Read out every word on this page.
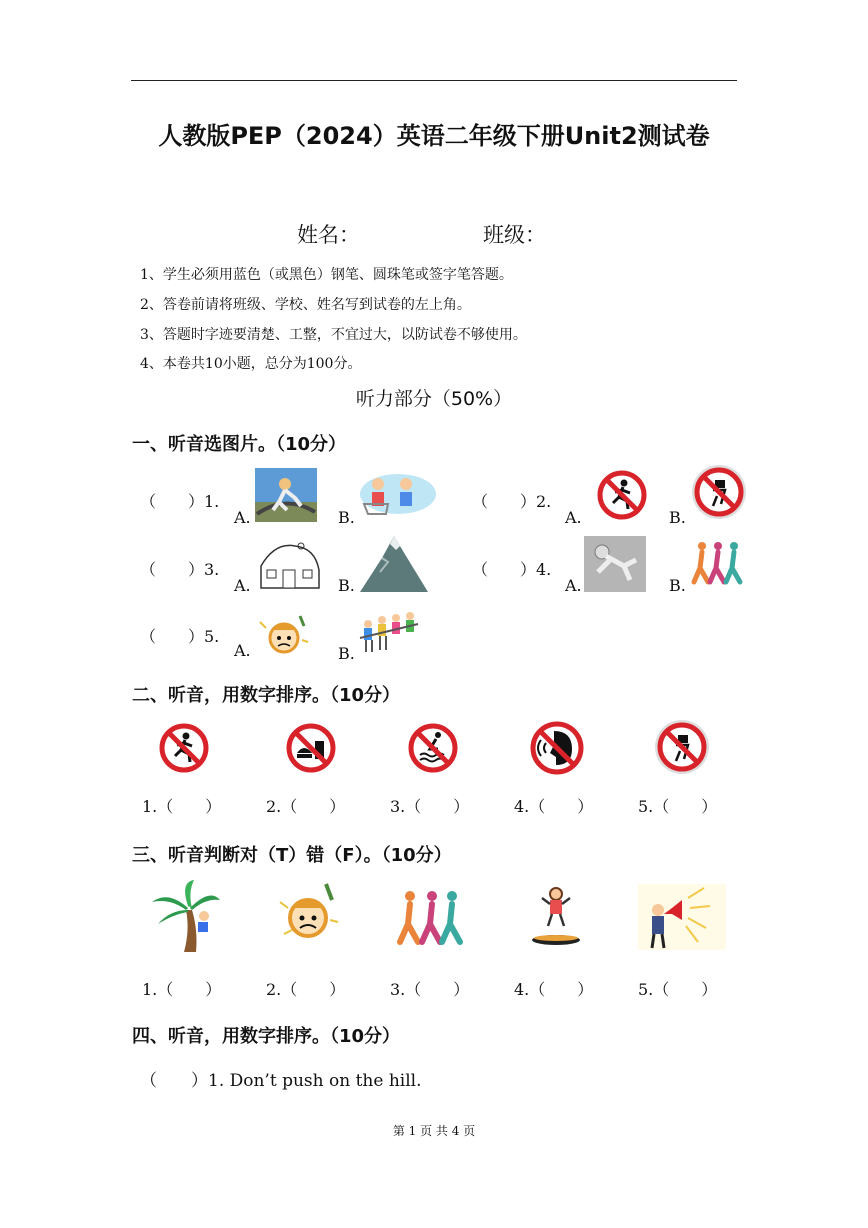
人教版PEP（2024）英语二年级下册Unit2测试卷
姓名：	班级：
1、学生必须用蓝色（或黑色）钢笔、圆珠笔或签字笔答题。
2、答卷前请将班级、学校、姓名写到试卷的左上角。
3、答题时字迹要清楚、工整，不宜过大，以防试卷不够使用。
4、本卷共10小题，总分为100分。
听力部分（50%）
一、听音选图片。（10分）
（　　）1.
A.	B.
（　　）2.
A.	B.
（　　）3.
A.	B.
（　　）4.
A.	B.
（　　）5.
A.	B.
二、听音，用数字排序。（10分）
1.（　　）	2.（　　）	3.（　　）	4.（　　）	5.（　　）
三、听音判断对（T）错（F）。（10分）
1.（　　）	2.（　　）	3.（　　）	4.（　　）	5.（　　）
四、听音，用数字排序。（10分）
（　　）1. Don’t push on the hill.
第 1 页 共 4 页
